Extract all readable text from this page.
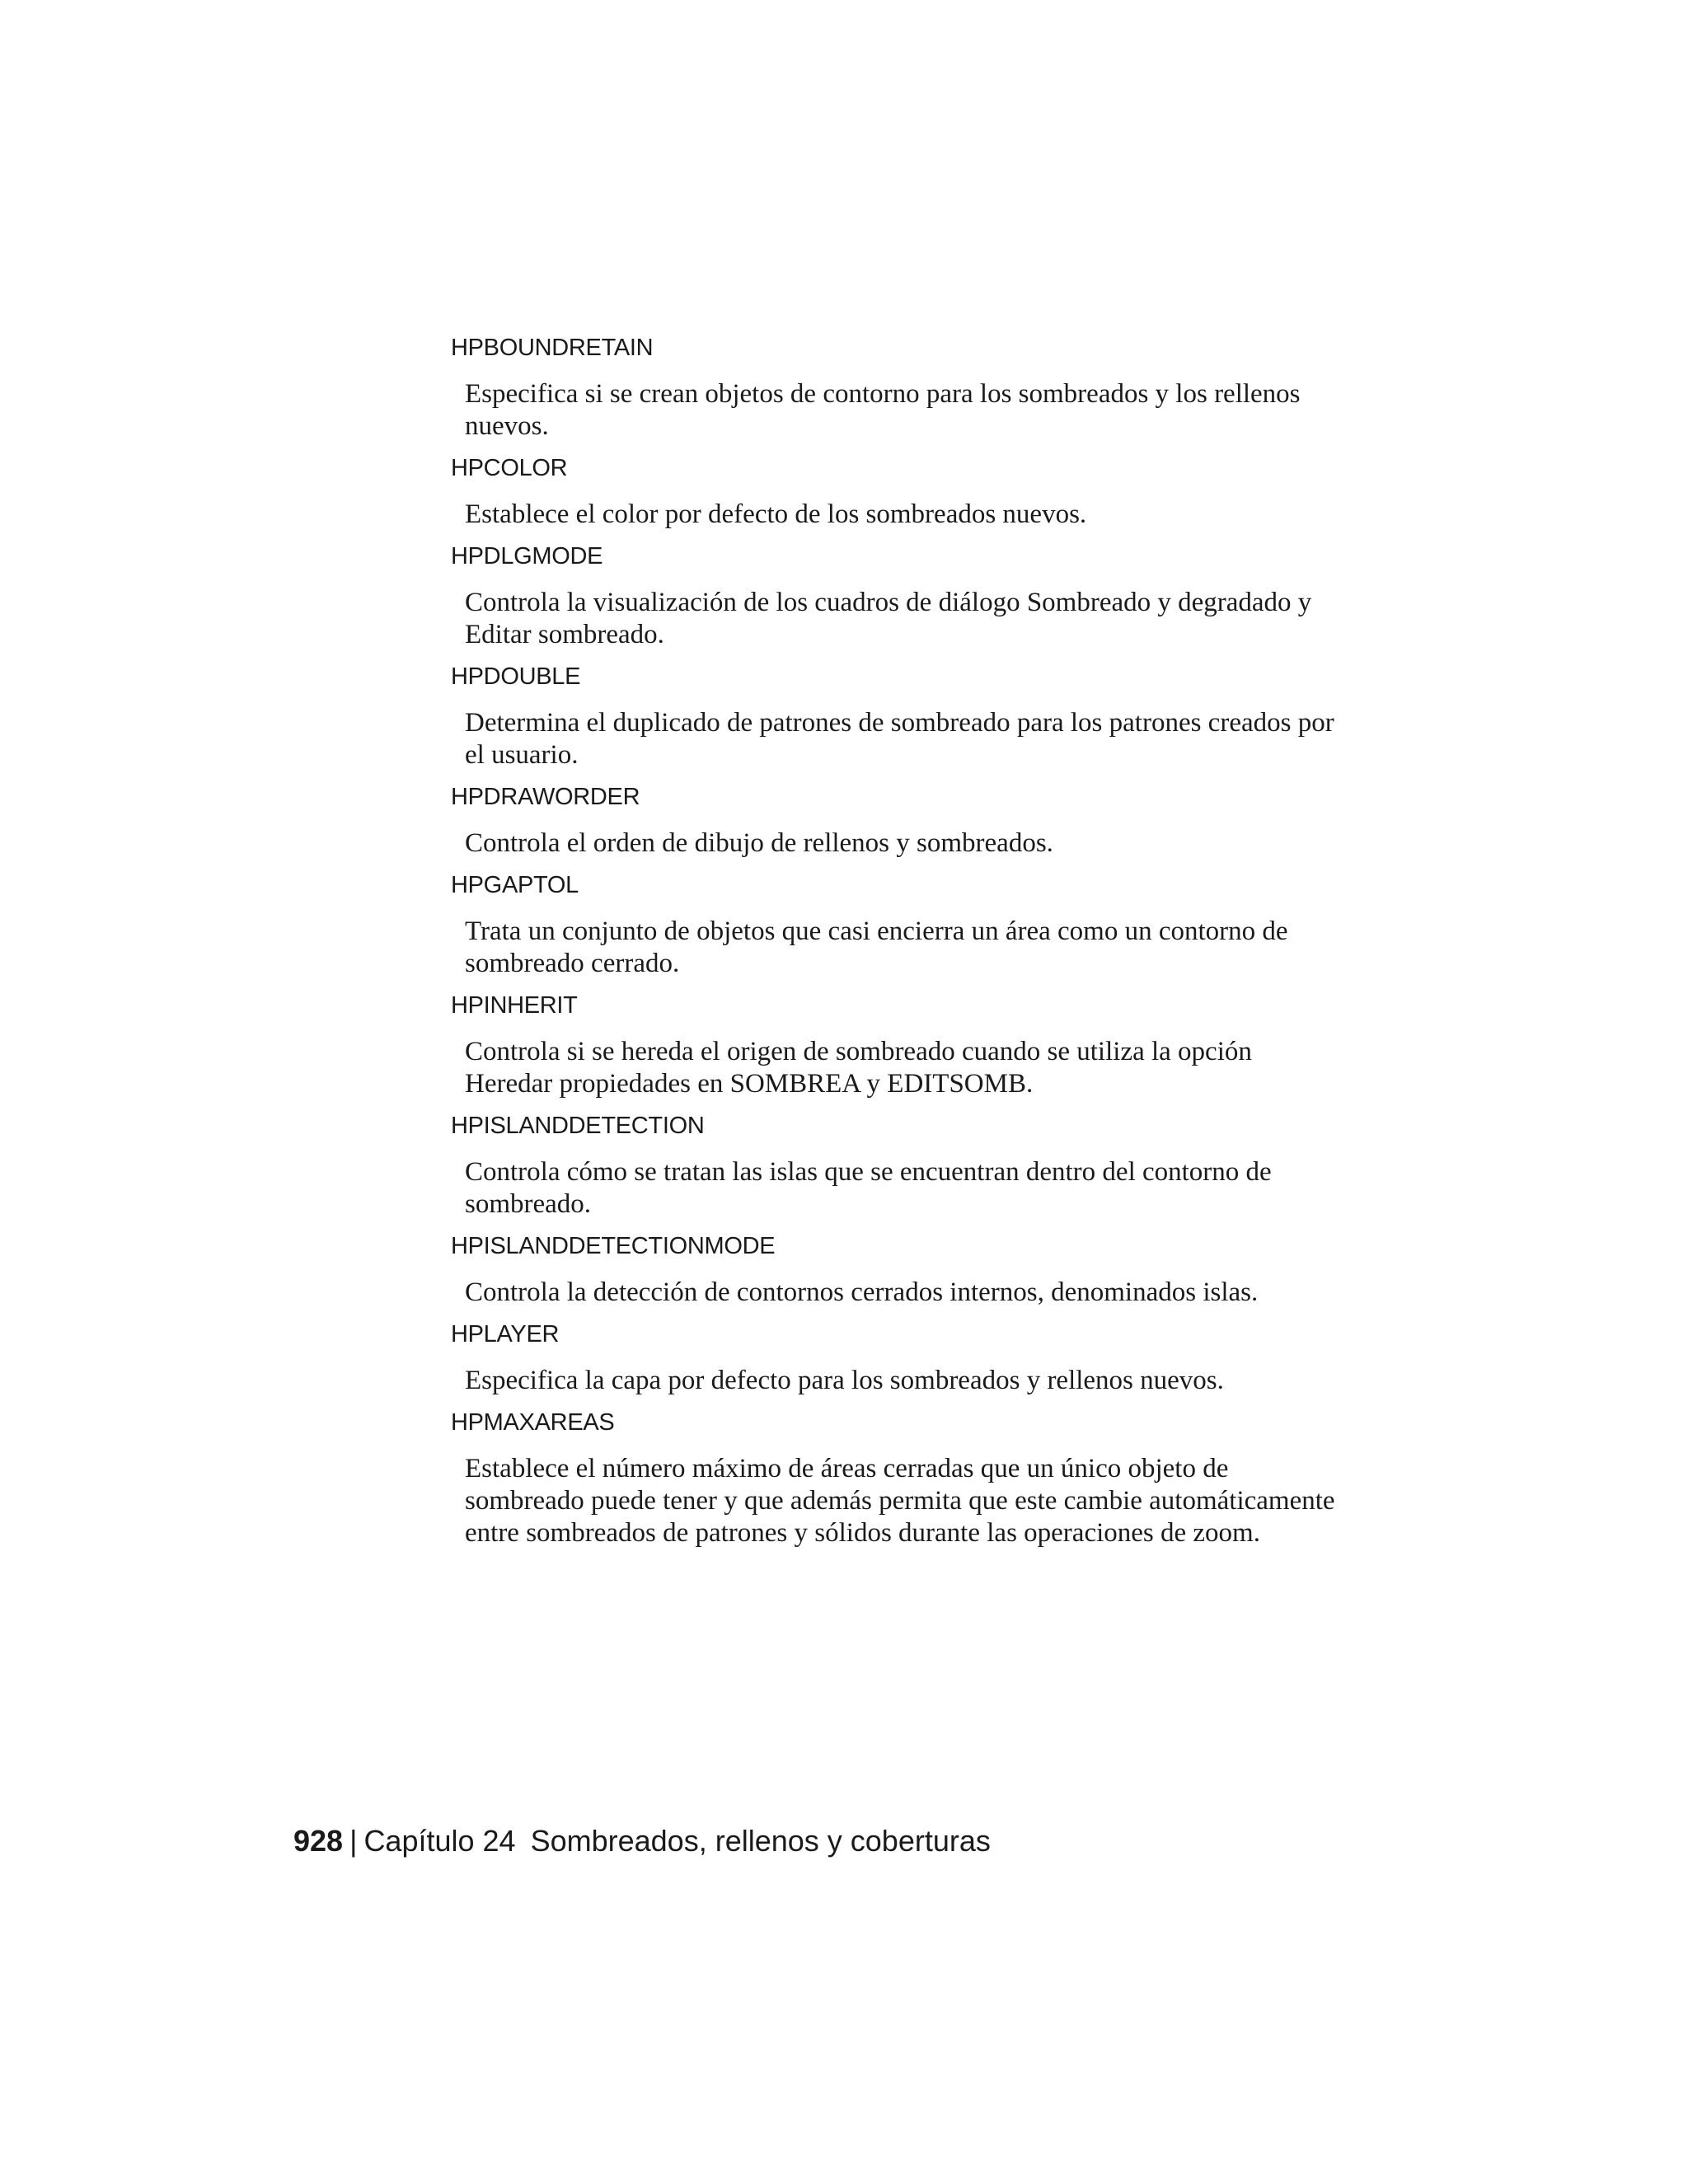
HPBOUNDRETAIN
Especifica si se crean objetos de contorno para los sombreados y los rellenos nuevos.
HPCOLOR
Establece el color por defecto de los sombreados nuevos.
HPDLGMODE
Controla la visualización de los cuadros de diálogo Sombreado y degradado y Editar sombreado.
HPDOUBLE
Determina el duplicado de patrones de sombreado para los patrones creados por el usuario.
HPDRAWORDER
Controla el orden de dibujo de rellenos y sombreados.
HPGAPTOL
Trata un conjunto de objetos que casi encierra un área como un contorno de sombreado cerrado.
HPINHERIT
Controla si se hereda el origen de sombreado cuando se utiliza la opción Heredar propiedades en SOMBREA y EDITSOMB.
HPISLANDDETECTION
Controla cómo se tratan las islas que se encuentran dentro del contorno de sombreado.
HPISLANDDETECTIONMODE
Controla la detección de contornos cerrados internos, denominados islas.
HPLAYER
Especifica la capa por defecto para los sombreados y rellenos nuevos.
HPMAXAREAS
Establece el número máximo de áreas cerradas que un único objeto de sombreado puede tener y que además permita que este cambie automáticamente entre sombreados de patrones y sólidos durante las operaciones de zoom.
928 | Capítulo 24 Sombreados, rellenos y coberturas
